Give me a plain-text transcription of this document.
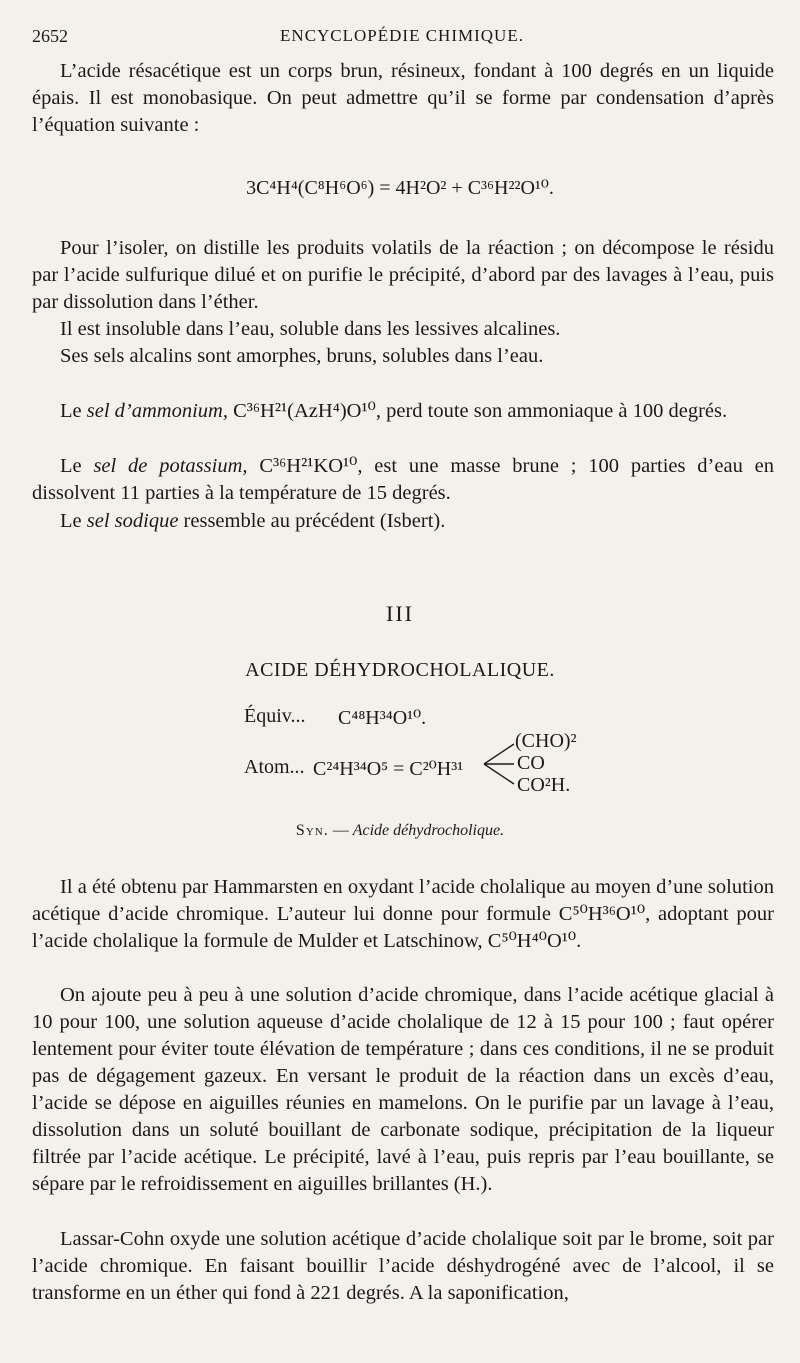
2652	ENCYCLOPÉDIE CHIMIQUE.

L’acide résacétique est un corps brun, résineux, fondant à 100 degrés en un liquide épais. Il est monobasique. On peut admettre qu’il se forme par condensation d’après l’équation suivante :

3C⁴H⁴(C⁸H⁶O⁶) = 4H²O² + C³⁶H²²O¹⁰.

Pour l’isoler, on distille les produits volatils de la réaction ; on décompose le résidu par l’acide sulfurique dilué et on purifie le précipité, d’abord par des lavages à l’eau, puis par dissolution dans l’éther.

Il est insoluble dans l’eau, soluble dans les lessives alcalines.

Ses sels alcalins sont amorphes, bruns, solubles dans l’eau.

Le sel d’ammonium, C³⁶H²¹(AzH⁴)O¹⁰, perd toute son ammoniaque à 100 degrés.

Le sel de potassium, C³⁶H²¹KO¹⁰, est une masse brune ; 100 parties d’eau en dissolvent 11 parties à la température de 15 degrés.

Le sel sodique ressemble au précédent (Isbert).

III
ACIDE DÉHYDROCHOLALIQUE.
Équiv... C⁴⁸H³⁴O¹⁰.
Atom... C²⁴H³⁴O⁵ = C²⁰H³¹
(CHO)²
CO
CO²H.
Syn. — Acide déhydrocholique.

Il a été obtenu par Hammarsten en oxydant l’acide cholalique au moyen d’une solution acétique d’acide chromique. L’auteur lui donne pour formule C⁵⁰H³⁶O¹⁰, adoptant pour l’acide cholalique la formule de Mulder et Latschinow, C⁵⁰H⁴⁰O¹⁰.

On ajoute peu à peu à une solution d’acide chromique, dans l’acide acétique glacial à 10 pour 100, une solution aqueuse d’acide cholalique de 12 à 15 pour 100 ; faut opérer lentement pour éviter toute élévation de température ; dans ces conditions, il ne se produit pas de dégagement gazeux. En versant le produit de la réaction dans un excès d’eau, l’acide se dépose en aiguilles réunies en mamelons. On le purifie par un lavage à l’eau, dissolution dans un soluté bouillant de carbonate sodique, précipitation de la liqueur filtrée par l’acide acétique. Le précipité, lavé à l’eau, puis repris par l’eau bouillante, se sépare par le refroidissement en aiguilles brillantes (H.).

Lassar-Cohn oxyde une solution acétique d’acide cholalique soit par le brome, soit par l’acide chromique. En faisant bouillir l’acide déshydrogéné avec de l’alcool, il se transforme en un éther qui fond à 221 degrés. A la saponification,
